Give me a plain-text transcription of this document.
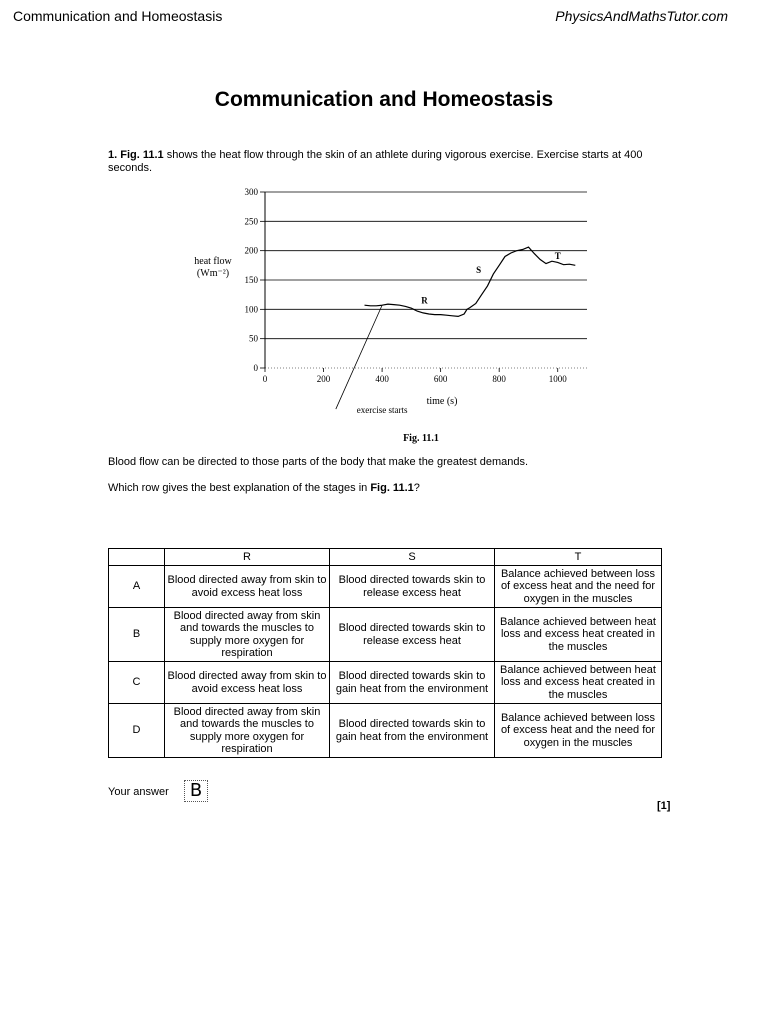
Communication and Homeostasis	PhysicsAndMathsTutor.com
Communication and Homeostasis
1. Fig. 11.1 shows the heat flow through the skin of an athlete during vigorous exercise. Exercise starts at 400 seconds.
0
50
100
150
200
250
300
0	200	400	600	800	1000
heat flow
(Wm⁻²)
time (s)
R
S
T
exercise starts
Fig. 11.1
Blood flow can be directed to those parts of the body that make the greatest demands.
Which row gives the best explanation of the stages in Fig. 11.1?
	R	S	T
A	Blood directed away from skin to avoid excess heat loss	Blood directed towards skin to release excess heat	Balance achieved between loss of excess heat and the need for oxygen in the muscles
B	Blood directed away from skin and towards the muscles to supply more oxygen for respiration	Blood directed towards skin to release excess heat	Balance achieved between heat loss and excess heat created in the muscles
C	Blood directed away from skin to avoid excess heat loss	Blood directed towards skin to gain heat from the environment	Balance achieved between heat loss and excess heat created in the muscles
D	Blood directed away from skin and towards the muscles to supply more oxygen for respiration	Blood directed towards skin to gain heat from the environment	Balance achieved between loss of excess heat and the need for oxygen in the muscles
Your answer	B
[1]
